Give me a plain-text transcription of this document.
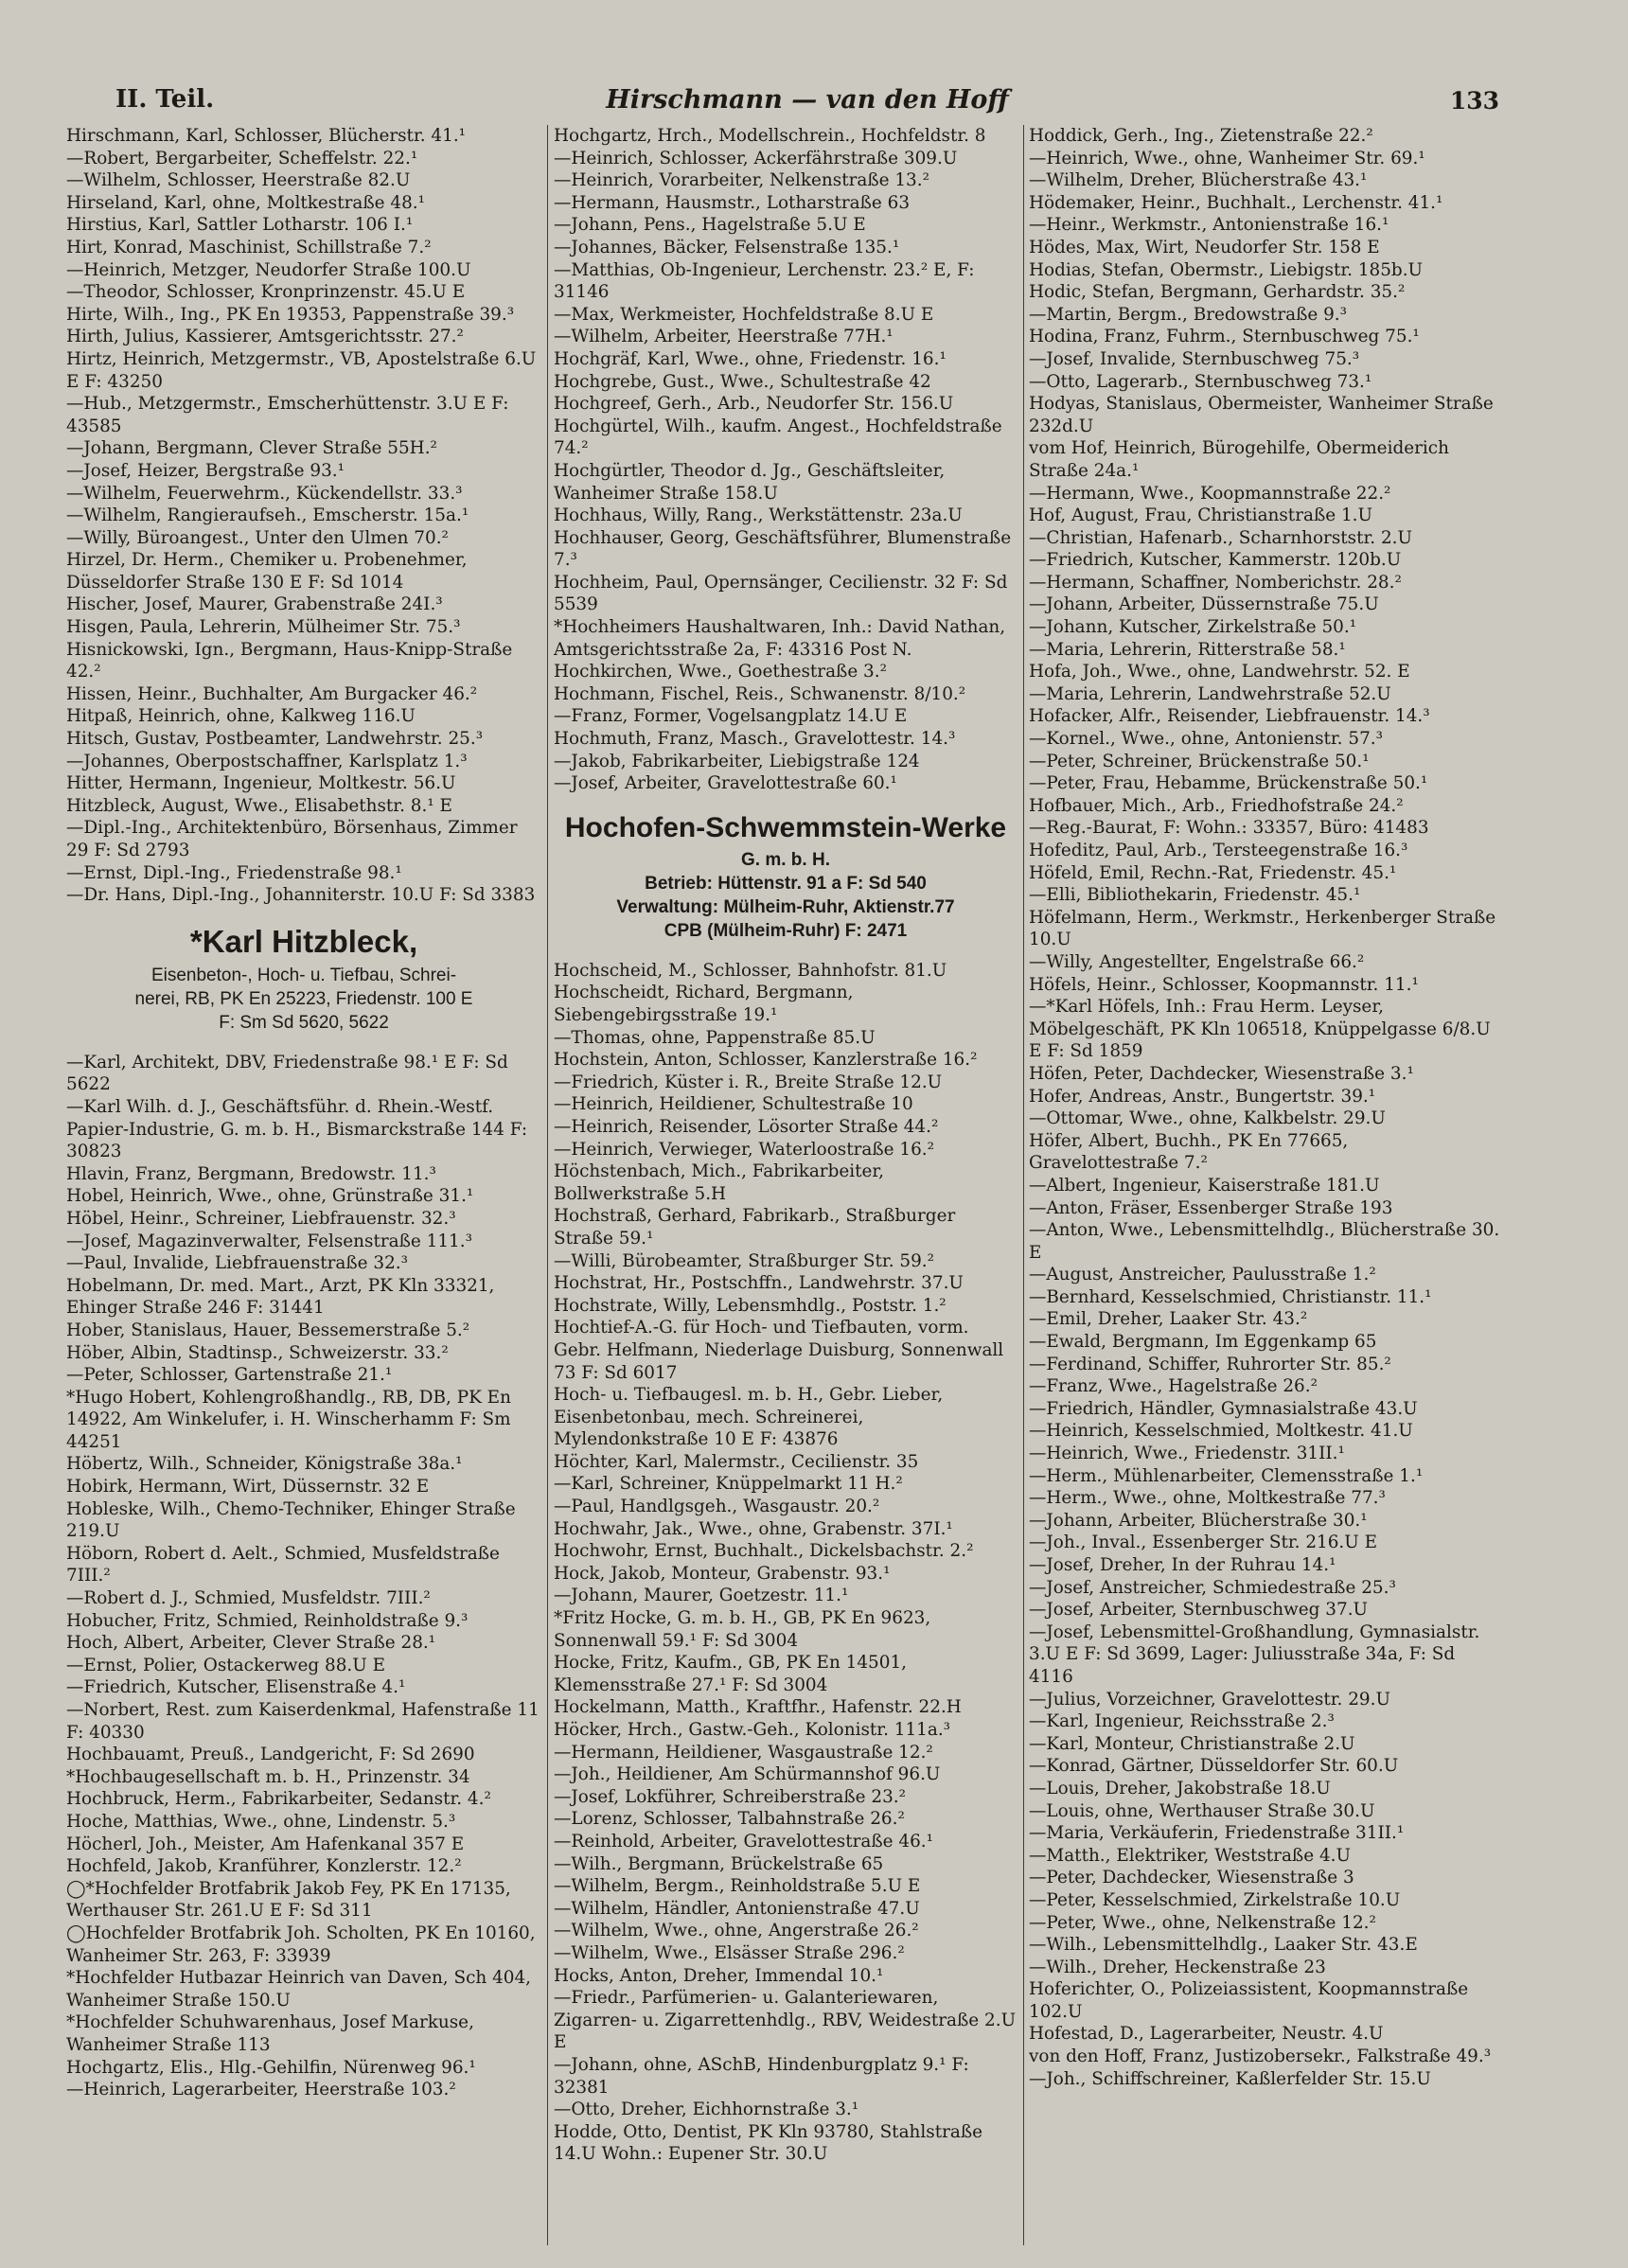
II. Teil.	Hirschmann — van den Hoff	133
Hirschmann, Karl, Schlosser, Blücherstr. 41.¹
—Robert, Bergarbeiter, Scheffelstr. 22.¹
—Wilhelm, Schlosser, Heerstraße 82.U
Hirseland, Karl, ohne, Moltkestraße 48.¹
Hirstius, Karl, Sattler Lotharstr. 106 I.¹
Hirt, Konrad, Maschinist, Schillstraße 7.²
—Heinrich, Metzger, Neudorfer Straße 100.U
—Theodor, Schlosser, Kronprinzenstr. 45.U E
Hirte, Wilh., Ing., PK En 19353, Pappenstraße 39.³
Hirth, Julius, Kassierer, Amtsgerichtsstr. 27.²
Hirtz, Heinrich, Metzgermstr., VB, Apostelstraße 6.U E F: 43250
—Hub., Metzgermstr., Emscherhüttenstr. 3.U E F: 43585
—Johann, Bergmann, Clever Straße 55H.²
—Josef, Heizer, Bergstraße 93.¹
—Wilhelm, Feuerwehrm., Kückendellstr. 33.³
—Wilhelm, Rangieraufseh., Emscherstr. 15a.¹
—Willy, Büroangest., Unter den Ulmen 70.²
Hirzel, Dr. Herm., Chemiker u. Probenehmer, Düsseldorfer Straße 130 E F: Sd 1014
Hischer, Josef, Maurer, Grabenstraße 24I.³
Hisgen, Paula, Lehrerin, Mülheimer Str. 75.³
Hisnickowski, Ign., Bergmann, Haus-Knipp-Straße 42.²
Hissen, Heinr., Buchhalter, Am Burgacker 46.²
Hitpaß, Heinrich, ohne, Kalkweg 116.U
Hitsch, Gustav, Postbeamter, Landwehrstr. 25.³
—Johannes, Oberpostschaffner, Karlsplatz 1.³
Hitter, Hermann, Ingenieur, Moltkestr. 56.U
Hitzbleck, August, Wwe., Elisabethstr. 8.¹ E
—Dipl.-Ing., Architektenbüro, Börsenhaus, Zimmer 29 F: Sd 2793
—Ernst, Dipl.-Ing., Friedenstraße 98.¹
—Dr. Hans, Dipl.-Ing., Johanniterstr. 10.U F: Sd 3383
*Karl Hitzbleck,
Eisenbeton-, Hoch- u. Tiefbau, Schrei-
nerei, RB, PK En 25223, Friedenstr. 100 E
F: Sm Sd 5620, 5622
—Karl, Architekt, DBV, Friedenstraße 98.¹ E F: Sd 5622
—Karl Wilh. d. J., Geschäftsführ. d. Rhein.-Westf. Papier-Industrie, G. m. b. H., Bismarckstraße 144 F: 30823
Hlavin, Franz, Bergmann, Bredowstr. 11.³
Hobel, Heinrich, Wwe., ohne, Grünstraße 31.¹
Höbel, Heinr., Schreiner, Liebfrauenstr. 32.³
—Josef, Magazinverwalter, Felsenstraße 111.³
—Paul, Invalide, Liebfrauenstraße 32.³
Hobelmann, Dr. med. Mart., Arzt, PK Kln 33321, Ehinger Straße 246 F: 31441
Hober, Stanislaus, Hauer, Bessemerstraße 5.²
Höber, Albin, Stadtinsp., Schweizerstr. 33.²
—Peter, Schlosser, Gartenstraße 21.¹
*Hugo Hobert, Kohlengroßhandlg., RB, DB, PK En 14922, Am Winkelufer, i. H. Winscherhamm F: Sm 44251
Höbertz, Wilh., Schneider, Königstraße 38a.¹
Hobirk, Hermann, Wirt, Düssernstr. 32 E
Hobleske, Wilh., Chemo-Techniker, Ehinger Straße 219.U
Höborn, Robert d. Aelt., Schmied, Musfeldstraße 7III.²
—Robert d. J., Schmied, Musfeldstr. 7III.²
Hobucher, Fritz, Schmied, Reinholdstraße 9.³
Hoch, Albert, Arbeiter, Clever Straße 28.¹
—Ernst, Polier, Ostackerweg 88.U E
—Friedrich, Kutscher, Elisenstraße 4.¹
—Norbert, Rest. zum Kaiserdenkmal, Hafenstraße 11 F: 40330
Hochbauamt, Preuß., Landgericht, F: Sd 2690
*Hochbaugesellschaft m. b. H., Prinzenstr. 34
Hochbruck, Herm., Fabrikarbeiter, Sedanstr. 4.²
Hoche, Matthias, Wwe., ohne, Lindenstr. 5.³
Höcherl, Joh., Meister, Am Hafenkanal 357 E
Hochfeld, Jakob, Kranführer, Konzlerstr. 12.²
◯*Hochfelder Brotfabrik Jakob Fey, PK En 17135, Werthauser Str. 261.U E F: Sd 311
◯Hochfelder Brotfabrik Joh. Scholten, PK En 10160, Wanheimer Str. 263, F: 33939
*Hochfelder Hutbazar Heinrich van Daven, Sch 404, Wanheimer Straße 150.U
*Hochfelder Schuhwarenhaus, Josef Markuse, Wanheimer Straße 113
Hochgartz, Elis., Hlg.-Gehilfin, Nürenweg 96.¹
—Heinrich, Lagerarbeiter, Heerstraße 103.²
Hochgartz, Hrch., Modellschrein., Hochfeldstr. 8
—Heinrich, Schlosser, Ackerfährstraße 309.U
—Heinrich, Vorarbeiter, Nelkenstraße 13.²
—Hermann, Hausmstr., Lotharstraße 63
—Johann, Pens., Hagelstraße 5.U E
—Johannes, Bäcker, Felsenstraße 135.¹
—Matthias, Ob-Ingenieur, Lerchenstr. 23.² E, F: 31146
—Max, Werkmeister, Hochfeldstraße 8.U E
—Wilhelm, Arbeiter, Heerstraße 77H.¹
Hochgräf, Karl, Wwe., ohne, Friedenstr. 16.¹
Hochgrebe, Gust., Wwe., Schultestraße 42
Hochgreef, Gerh., Arb., Neudorfer Str. 156.U
Hochgürtel, Wilh., kaufm. Angest., Hochfeldstraße 74.²
Hochgürtler, Theodor d. Jg., Geschäftsleiter, Wanheimer Straße 158.U
Hochhaus, Willy, Rang., Werkstättenstr. 23a.U
Hochhauser, Georg, Geschäftsführer, Blumenstraße 7.³
Hochheim, Paul, Opernsänger, Cecilienstr. 32 F: Sd 5539
*Hochheimers Haushaltwaren, Inh.: David Nathan, Amtsgerichtsstraße 2a, F: 43316 Post N.
Hochkirchen, Wwe., Goethestraße 3.²
Hochmann, Fischel, Reis., Schwanenstr. 8/10.²
—Franz, Former, Vogelsangplatz 14.U E
Hochmuth, Franz, Masch., Gravelottestr. 14.³
—Jakob, Fabrikarbeiter, Liebigstraße 124
—Josef, Arbeiter, Gravelottestraße 60.¹
Hochofen-Schwemmstein-Werke
G. m. b. H.
Betrieb: Hüttenstr. 91 a F: Sd 540
Verwaltung: Mülheim-Ruhr, Aktienstr.77
CPB (Mülheim-Ruhr) F: 2471
Hochscheid, M., Schlosser, Bahnhofstr. 81.U
Hochscheidt, Richard, Bergmann, Siebengebirgsstraße 19.¹
—Thomas, ohne, Pappenstraße 85.U
Hochstein, Anton, Schlosser, Kanzlerstraße 16.²
—Friedrich, Küster i. R., Breite Straße 12.U
—Heinrich, Heildiener, Schultestraße 10
—Heinrich, Reisender, Lösorter Straße 44.²
—Heinrich, Verwieger, Waterloostraße 16.²
Höchstenbach, Mich., Fabrikarbeiter, Bollwerkstraße 5.H
Hochstraß, Gerhard, Fabrikarb., Straßburger Straße 59.¹
—Willi, Bürobeamter, Straßburger Str. 59.²
Hochstrat, Hr., Postschffn., Landwehrstr. 37.U
Hochstrate, Willy, Lebensmhdlg., Poststr. 1.²
Hochtief-A.-G. für Hoch- und Tiefbauten, vorm. Gebr. Helfmann, Niederlage Duisburg, Sonnenwall 73 F: Sd 6017
Hoch- u. Tiefbaugesl. m. b. H., Gebr. Lieber, Eisenbetonbau, mech. Schreinerei, Mylendonkstraße 10 E F: 43876
Höchter, Karl, Malermstr., Cecilienstr. 35
—Karl, Schreiner, Knüppelmarkt 11 H.²
—Paul, Handlgsgeh., Wasgaustr. 20.²
Hochwahr, Jak., Wwe., ohne, Grabenstr. 37I.¹
Hochwohr, Ernst, Buchhalt., Dickelsbachstr. 2.²
Hock, Jakob, Monteur, Grabenstr. 93.¹
—Johann, Maurer, Goetzestr. 11.¹
*Fritz Hocke, G. m. b. H., GB, PK En 9623, Sonnenwall 59.¹ F: Sd 3004
Hocke, Fritz, Kaufm., GB, PK En 14501, Klemensstraße 27.¹ F: Sd 3004
Hockelmann, Matth., Kraftfhr., Hafenstr. 22.H
Höcker, Hrch., Gastw.-Geh., Kolonistr. 111a.³
—Hermann, Heildiener, Wasgaustraße 12.²
—Joh., Heildiener, Am Schürmannshof 96.U
—Josef, Lokführer, Schreiberstraße 23.²
—Lorenz, Schlosser, Talbahnstraße 26.²
—Reinhold, Arbeiter, Gravelottestraße 46.¹
—Wilh., Bergmann, Brückelstraße 65
—Wilhelm, Bergm., Reinholdstraße 5.U E
—Wilhelm, Händler, Antonienstraße 47.U
—Wilhelm, Wwe., ohne, Angerstraße 26.²
—Wilhelm, Wwe., Elsässer Straße 296.²
Hocks, Anton, Dreher, Immendal 10.¹
—Friedr., Parfümerien- u. Galanteriewaren, Zigarren- u. Zigarrettenhdlg., RBV, Weidestraße 2.U E
—Johann, ohne, ASchB, Hindenburgplatz 9.¹ F: 32381
—Otto, Dreher, Eichhornstraße 3.¹
Hodde, Otto, Dentist, PK Kln 93780, Stahlstraße 14.U Wohn.: Eupener Str. 30.U
Hoddick, Gerh., Ing., Zietenstraße 22.²
—Heinrich, Wwe., ohne, Wanheimer Str. 69.¹
—Wilhelm, Dreher, Blücherstraße 43.¹
Hödemaker, Heinr., Buchhalt., Lerchenstr. 41.¹
—Heinr., Werkmstr., Antonienstraße 16.¹
Hödes, Max, Wirt, Neudorfer Str. 158 E
Hodias, Stefan, Obermstr., Liebigstr. 185b.U
Hodic, Stefan, Bergmann, Gerhardstr. 35.²
—Martin, Bergm., Bredowstraße 9.³
Hodina, Franz, Fuhrm., Sternbuschweg 75.¹
—Josef, Invalide, Sternbuschweg 75.³
—Otto, Lagerarb., Sternbuschweg 73.¹
Hodyas, Stanislaus, Obermeister, Wanheimer Straße 232d.U
vom Hof, Heinrich, Bürogehilfe, Obermeiderich Straße 24a.¹
—Hermann, Wwe., Koopmannstraße 22.²
Hof, August, Frau, Christianstraße 1.U
—Christian, Hafenarb., Scharnhorststr. 2.U
—Friedrich, Kutscher, Kammerstr. 120b.U
—Hermann, Schaffner, Nomberichstr. 28.²
—Johann, Arbeiter, Düssernstraße 75.U
—Johann, Kutscher, Zirkelstraße 50.¹
—Maria, Lehrerin, Ritterstraße 58.¹
Hofa, Joh., Wwe., ohne, Landwehrstr. 52. E
—Maria, Lehrerin, Landwehrstraße 52.U
Hofacker, Alfr., Reisender, Liebfrauenstr. 14.³
—Kornel., Wwe., ohne, Antonienstr. 57.³
—Peter, Schreiner, Brückenstraße 50.¹
—Peter, Frau, Hebamme, Brückenstraße 50.¹
Hofbauer, Mich., Arb., Friedhofstraße 24.²
—Reg.-Baurat, F: Wohn.: 33357, Büro: 41483
Hofeditz, Paul, Arb., Tersteegenstraße 16.³
Höfeld, Emil, Rechn.-Rat, Friedenstr. 45.¹
—Elli, Bibliothekarin, Friedenstr. 45.¹
Höfelmann, Herm., Werkmstr., Herkenberger Straße 10.U
—Willy, Angestellter, Engelstraße 66.²
Höfels, Heinr., Schlosser, Koopmannstr. 11.¹
—*Karl Höfels, Inh.: Frau Herm. Leyser, Möbelgeschäft, PK Kln 106518, Knüppelgasse 6/8.U E F: Sd 1859
Höfen, Peter, Dachdecker, Wiesenstraße 3.¹
Hofer, Andreas, Anstr., Bungertstr. 39.¹
—Ottomar, Wwe., ohne, Kalkbelstr. 29.U
Höfer, Albert, Buchh., PK En 77665, Gravelottestraße 7.²
—Albert, Ingenieur, Kaiserstraße 181.U
—Anton, Fräser, Essenberger Straße 193
—Anton, Wwe., Lebensmittelhdlg., Blücherstraße 30. E
—August, Anstreicher, Paulusstraße 1.²
—Bernhard, Kesselschmied, Christianstr. 11.¹
—Emil, Dreher, Laaker Str. 43.²
—Ewald, Bergmann, Im Eggenkamp 65
—Ferdinand, Schiffer, Ruhrorter Str. 85.²
—Franz, Wwe., Hagelstraße 26.²
—Friedrich, Händler, Gymnasialstraße 43.U
—Heinrich, Kesselschmied, Moltkestr. 41.U
—Heinrich, Wwe., Friedenstr. 31II.¹
—Herm., Mühlenarbeiter, Clemensstraße 1.¹
—Herm., Wwe., ohne, Moltkestraße 77.³
—Johann, Arbeiter, Blücherstraße 30.¹
—Joh., Inval., Essenberger Str. 216.U E
—Josef, Dreher, In der Ruhrau 14.¹
—Josef, Anstreicher, Schmiedestraße 25.³
—Josef, Arbeiter, Sternbuschweg 37.U
—Josef, Lebensmittel-Großhandlung, Gymnasialstr. 3.U E F: Sd 3699, Lager: Juliusstraße 34a, F: Sd 4116
—Julius, Vorzeichner, Gravelottestr. 29.U
—Karl, Ingenieur, Reichsstraße 2.³
—Karl, Monteur, Christianstraße 2.U
—Konrad, Gärtner, Düsseldorfer Str. 60.U
—Louis, Dreher, Jakobstraße 18.U
—Louis, ohne, Werthauser Straße 30.U
—Maria, Verkäuferin, Friedenstraße 31II.¹
—Matth., Elektriker, Weststraße 4.U
—Peter, Dachdecker, Wiesenstraße 3
—Peter, Kesselschmied, Zirkelstraße 10.U
—Peter, Wwe., ohne, Nelkenstraße 12.²
—Wilh., Lebensmittelhdlg., Laaker Str. 43.E
—Wilh., Dreher, Heckenstraße 23
Hoferichter, O., Polizeiassistent, Koopmannstraße 102.U
Hofestad, D., Lagerarbeiter, Neustr. 4.U
von den Hoff, Franz, Justizobersekr., Falkstraße 49.³
—Joh., Schiffschreiner, Kaßlerfelder Str. 15.U
